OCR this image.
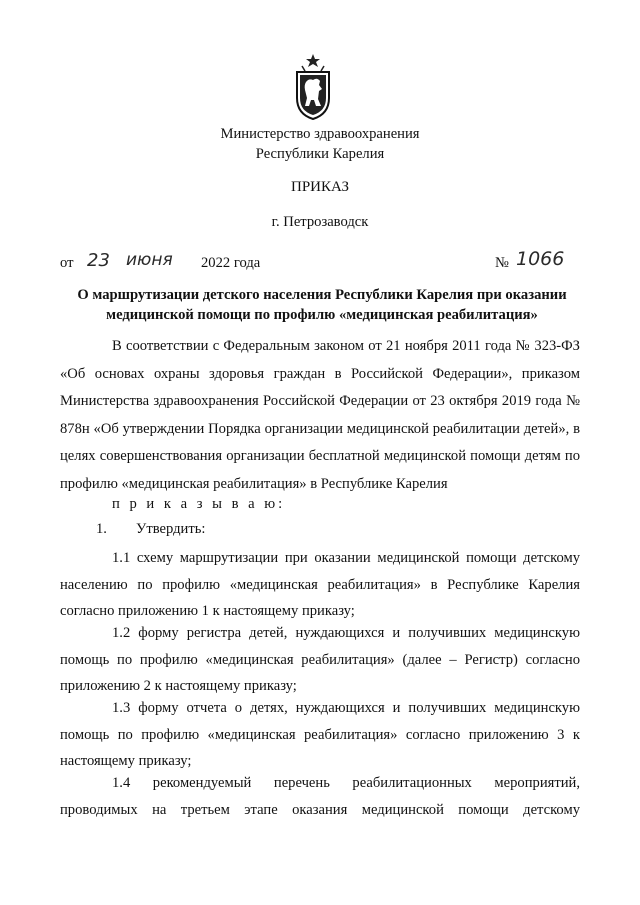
Министерство здравоохранения
Республики Карелия
ПРИКАЗ
г. Петрозаводск
от 23 июня 2022 года	№ 1066
О маршрутизации детского населения Республики Карелия при оказании
медицинской помощи по профилю «медицинская реабилитация»
В соответствии с Федеральным законом от 21 ноября 2011 года № 323-ФЗ «Об основах охраны здоровья граждан в Российской Федерации», приказом Министерства здравоохранения Российской Федерации от 23 октября 2019 года № 878н «Об утверждении Порядка организации медицинской реабилитации детей», в целях совершенствования организации бесплатной медицинской помощи детям по профилю «медицинская реабилитация» в Республике Карелия
п р и к а з ы в а ю:
1. Утвердить:
1.1 схему маршрутизации при оказании медицинской помощи детскому населению по профилю «медицинская реабилитация» в Республике Карелия согласно приложению 1 к настоящему приказу;
1.2 форму регистра детей, нуждающихся и получивших медицинскую помощь по профилю «медицинская реабилитация» (далее – Регистр) согласно приложению 2 к настоящему приказу;
1.3 форму отчета о детях, нуждающихся и получивших медицинскую помощь по профилю «медицинская реабилитация» согласно приложению 3 к настоящему приказу;
1.4 рекомендуемый перечень реабилитационных мероприятий, проводимых на третьем этапе оказания медицинской помощи детскому
